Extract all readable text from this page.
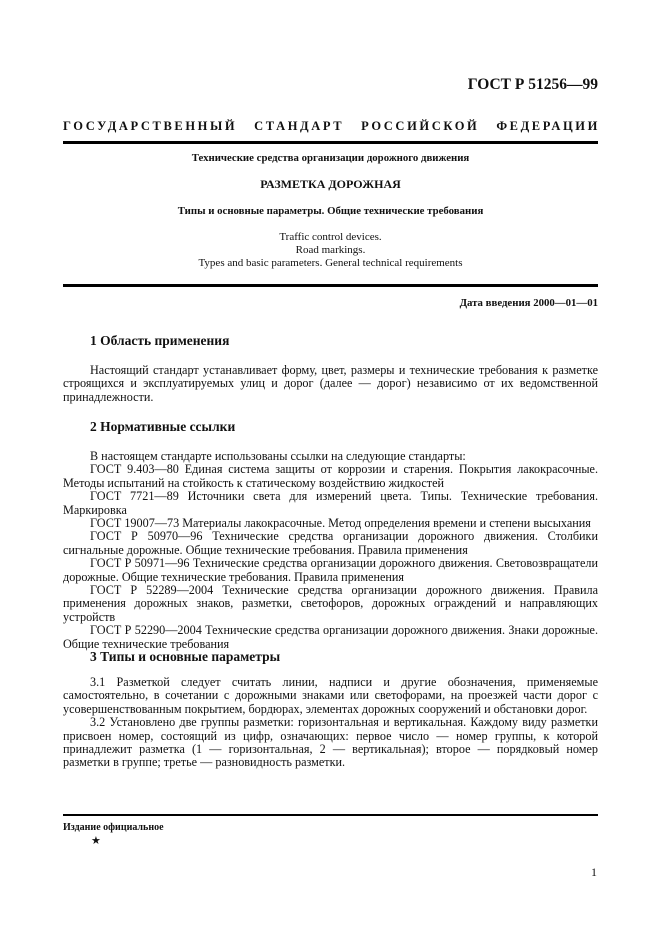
ГОСТ Р 51256—99
ГОСУДАРСТВЕННЫЙ СТАНДАРТ РОССИЙСКОЙ ФЕДЕРАЦИИ
Технические средства организации дорожного движения
РАЗМЕТКА ДОРОЖНАЯ
Типы и основные параметры. Общие технические требования
Traffic control devices.
Road markings.
Types and basic parameters. General technical requirements
Дата введения 2000—01—01
1 Область применения
Настоящий стандарт устанавливает форму, цвет, размеры и технические требования к разметке строящихся и эксплуатируемых улиц и дорог (далее — дорог) независимо от их ведомственной принадлежности.
2 Нормативные ссылки
В настоящем стандарте использованы ссылки на следующие стандарты:
ГОСТ 9.403—80 Единая система защиты от коррозии и старения. Покрытия лакокрасочные. Методы испытаний на стойкость к статическому воздействию жидкостей
ГОСТ 7721—89 Источники света для измерений цвета. Типы. Технические требования. Маркировка
ГОСТ 19007—73 Материалы лакокрасочные. Метод определения времени и степени высыхания
ГОСТ Р 50970—96 Технические средства организации дорожного движения. Столбики сигнальные дорожные. Общие технические требования. Правила применения
ГОСТ Р 50971—96 Технические средства организации дорожного движения. Световозвращатели дорожные. Общие технические требования. Правила применения
ГОСТ Р 52289—2004 Технические средства организации дорожного движения. Правила применения дорожных знаков, разметки, светофоров, дорожных ограждений и направляющих устройств
ГОСТ Р 52290—2004 Технические средства организации дорожного движения. Знаки дорожные. Общие технические требования
3 Типы и основные параметры
3.1 Разметкой следует считать линии, надписи и другие обозначения, применяемые самостоятельно, в сочетании с дорожными знаками или светофорами, на проезжей части дорог с усовершенствованным покрытием, бордюрах, элементах дорожных сооружений и обстановки дорог.
3.2 Установлено две группы разметки: горизонтальная и вертикальная. Каждому виду разметки присвоен номер, состоящий из цифр, означающих: первое число — номер группы, к которой принадлежит разметка (1 — горизонтальная, 2 — вертикальная); второе — порядковый номер разметки в группе; третье — разновидность разметки.
Издание официальное
★
1
